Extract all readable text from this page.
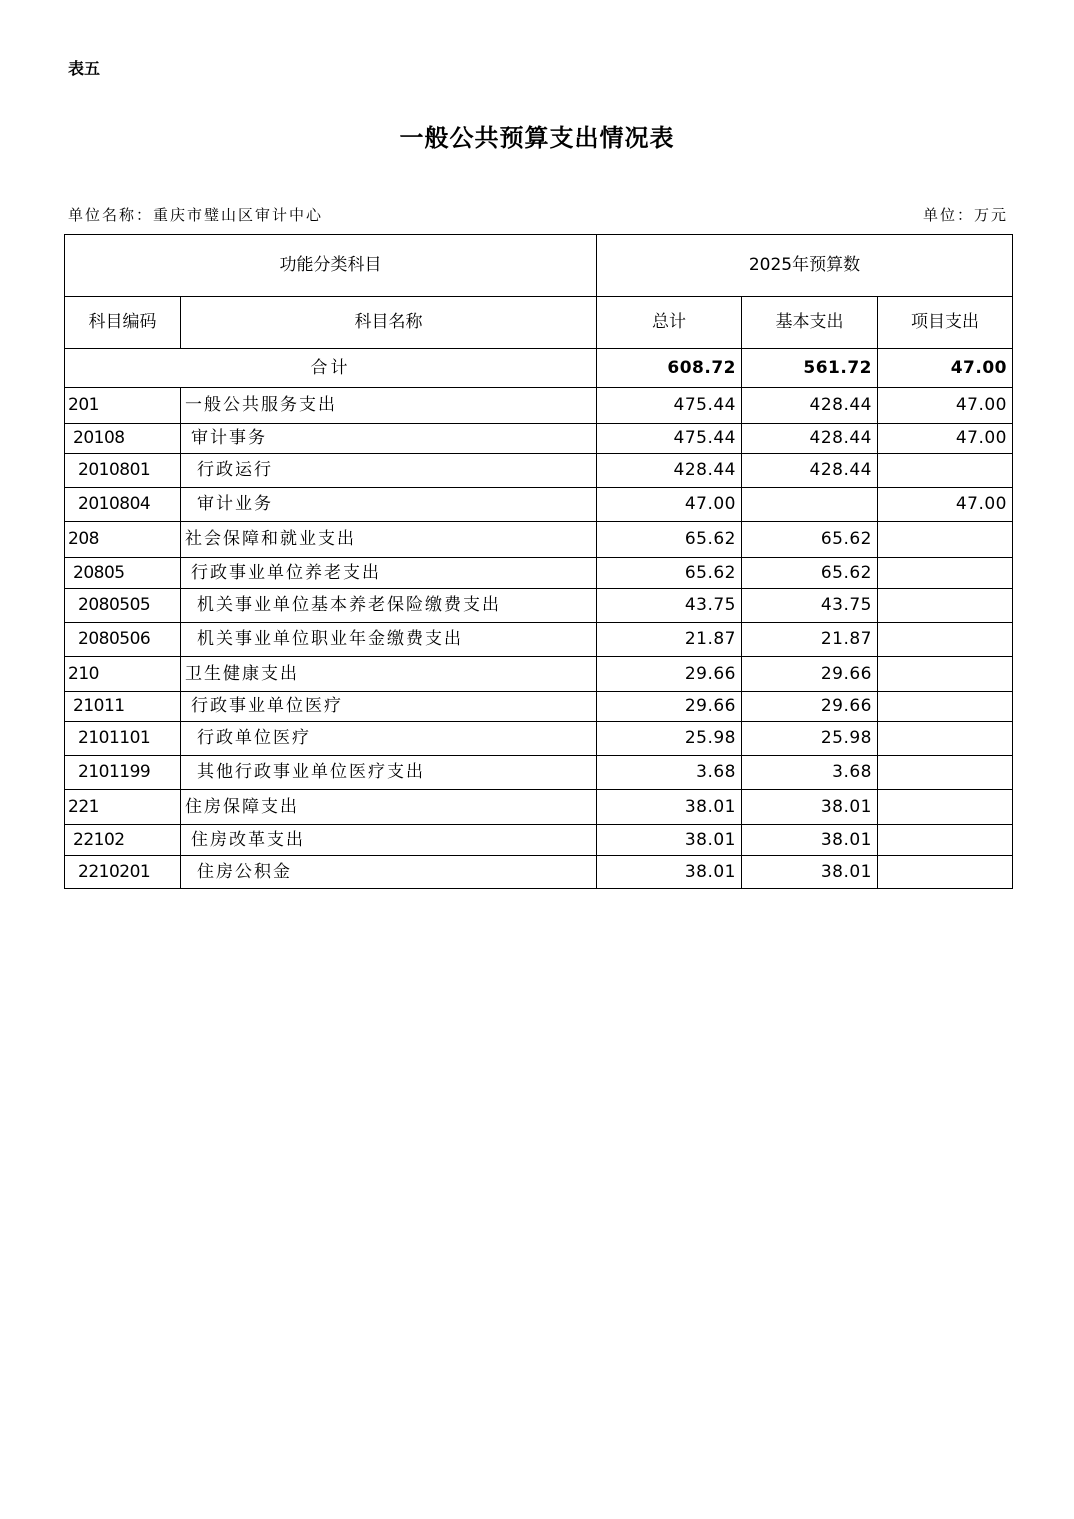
表五
一般公共预算支出情况表
单位名称：重庆市璧山区审计中心	单位：万元
功能分类科目		2025年预算数		
科目编码	科目名称	总计	基本支出	项目支出
合计		608.72	561.72	47.00
201	一般公共服务支出	475.44	428.44	47.00
20108	审计事务	475.44	428.44	47.00
2010801	行政运行	428.44	428.44	
2010804	审计业务	47.00		47.00
208	社会保障和就业支出	65.62	65.62	
20805	行政事业单位养老支出	65.62	65.62	
2080505	机关事业单位基本养老保险缴费支出	43.75	43.75	
2080506	机关事业单位职业年金缴费支出	21.87	21.87	
210	卫生健康支出	29.66	29.66	
21011	行政事业单位医疗	29.66	29.66	
2101101	行政单位医疗	25.98	25.98	
2101199	其他行政事业单位医疗支出	3.68	3.68	
221	住房保障支出	38.01	38.01	
22102	住房改革支出	38.01	38.01	
2210201	住房公积金	38.01	38.01	
